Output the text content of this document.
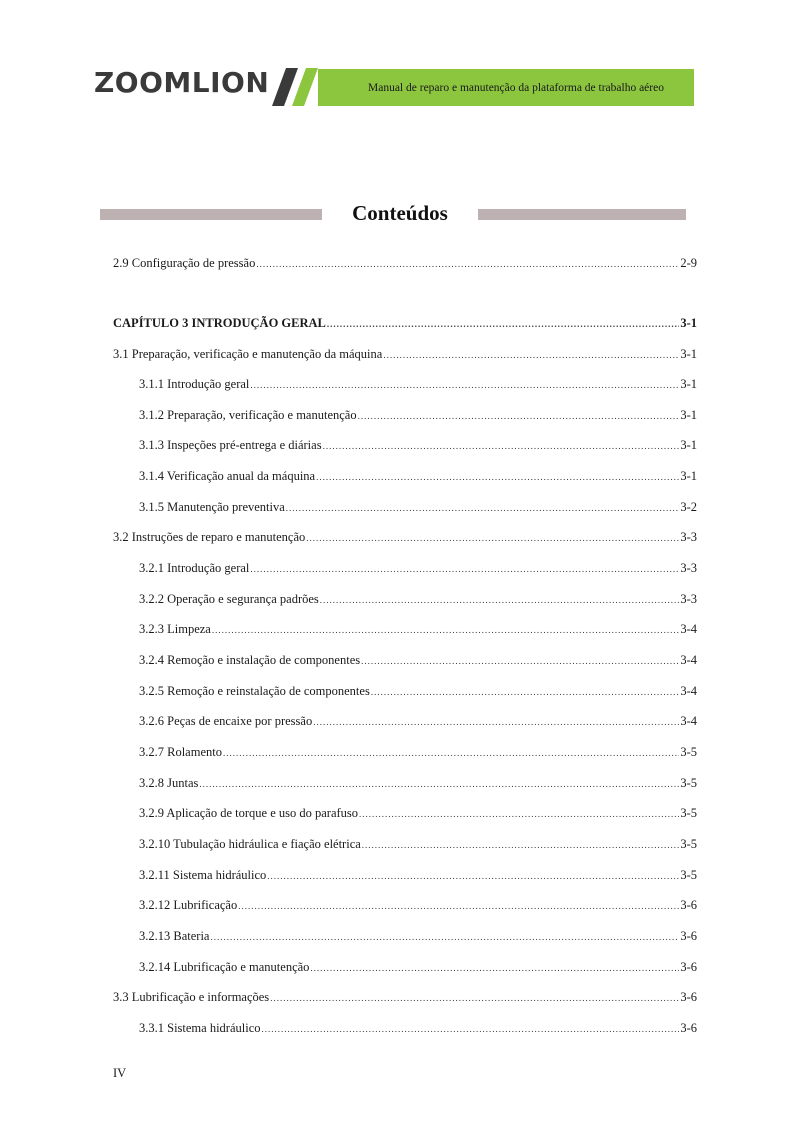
ZOOMLION	Manual de reparo e manutenção da plataforma de trabalho aéreo
Conteúdos
2.9 Configuração de pressão .....	2-9
CAPÍTULO 3 INTRODUÇÃO GERAL .....	3-1
3.1 Preparação, verificação e manutenção da máquina .....	3-1
3.1.1 Introdução geral .....	3-1
3.1.2 Preparação, verificação e manutenção .....	3-1
3.1.3 Inspeções pré-entrega e diárias .....	3-1
3.1.4 Verificação anual da máquina .....	3-1
3.1.5 Manutenção preventiva .....	3-2
3.2 Instruções de reparo e manutenção .....	3-3
3.2.1 Introdução geral .....	3-3
3.2.2 Operação e segurança padrões .....	3-3
3.2.3 Limpeza .....	3-4
3.2.4 Remoção e instalação de componentes .....	3-4
3.2.5 Remoção e reinstalação de componentes .....	3-4
3.2.6 Peças de encaixe por pressão .....	3-4
3.2.7 Rolamento .....	3-5
3.2.8 Juntas .....	3-5
3.2.9 Aplicação de torque e uso do parafuso .....	3-5
3.2.10 Tubulação hidráulica e fiação elétrica .....	3-5
3.2.11 Sistema hidráulico .....	3-5
3.2.12 Lubrificação .....	3-6
3.2.13 Bateria .....	3-6
3.2.14 Lubrificação e manutenção .....	3-6
3.3 Lubrificação e informações .....	3-6
3.3.1 Sistema hidráulico .....	3-6
IV
